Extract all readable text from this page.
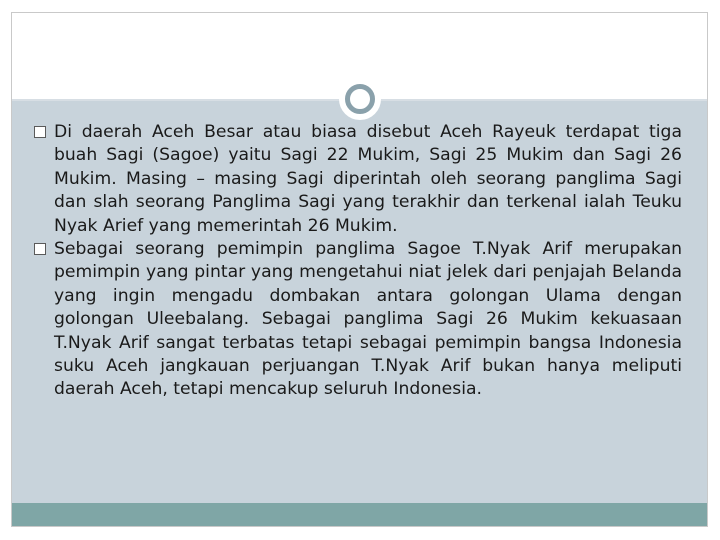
Di daerah Aceh Besar atau biasa disebut Aceh Rayeuk terdapat tiga buah Sagi (Sagoe) yaitu Sagi 22 Mukim, Sagi 25 Mukim dan Sagi 26 Mukim. Masing – masing Sagi diperintah oleh seorang panglima Sagi dan slah seorang Panglima Sagi yang terakhir dan terkenal ialah Teuku Nyak Arief yang memerintah 26 Mukim.
Sebagai seorang pemimpin panglima Sagoe T.Nyak Arif merupakan pemimpin yang pintar yang mengetahui niat jelek dari penjajah Belanda yang ingin mengadu dombakan antara golongan Ulama dengan golongan Uleebalang. Sebagai panglima Sagi 26 Mukim kekuasaan T.Nyak Arif sangat terbatas tetapi sebagai pemimpin bangsa Indonesia suku Aceh jangkauan perjuangan T.Nyak Arif bukan hanya meliputi daerah Aceh, tetapi mencakup seluruh Indonesia.
